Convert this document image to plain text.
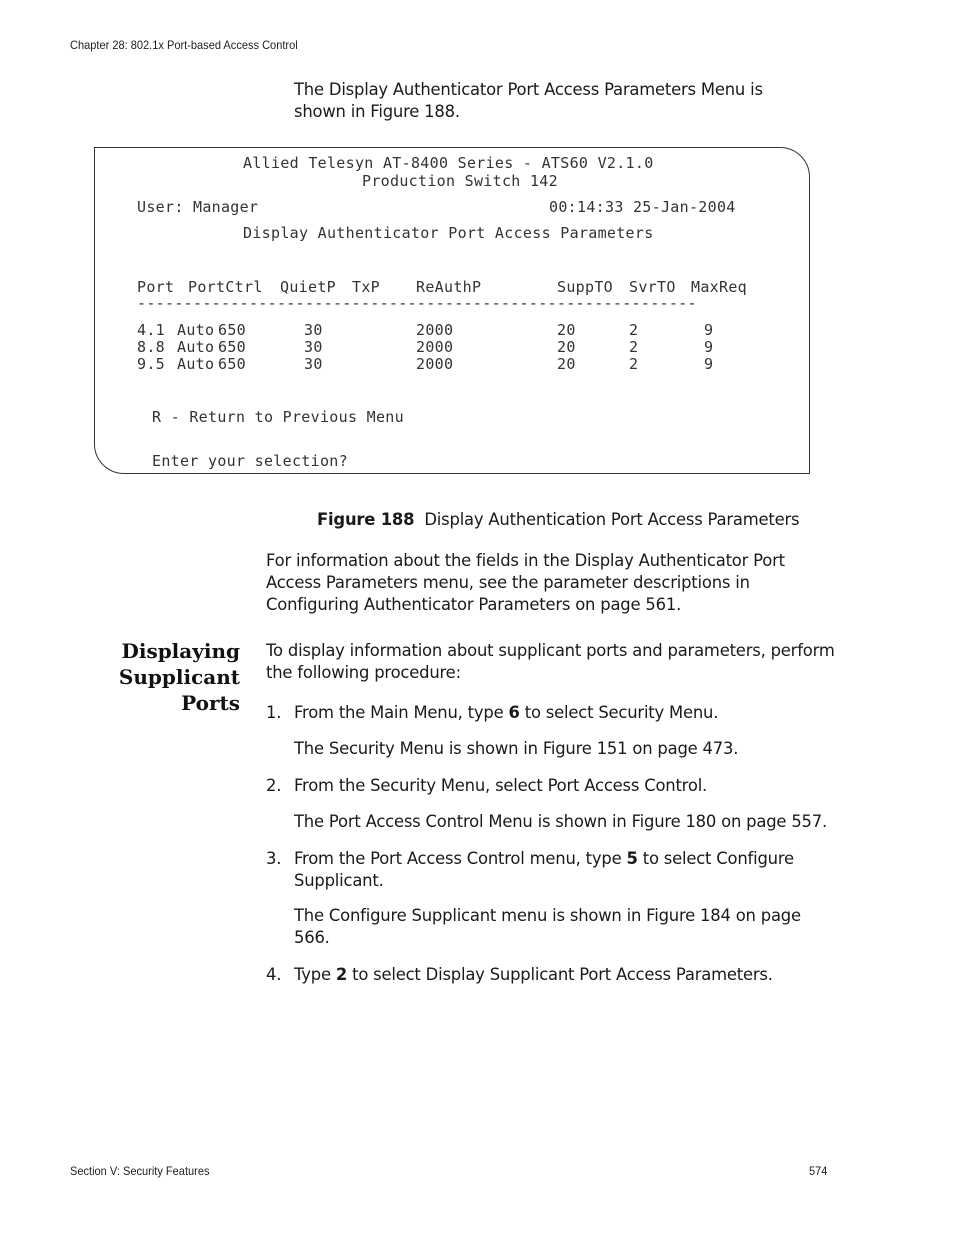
Chapter 28: 802.1x Port-based Access Control
The Display Authenticator Port Access Parameters Menu is shown in Figure 188.
Allied Telesyn AT-8400 Series - ATS60 V2.1.0
Production Switch 142
User: Manager	00:14:33 25-Jan-2004
Display Authenticator Port Access Parameters
Port PortCtrl QuietP TxP ReAuthP	SuppTO SvrTO MaxReq
------------------------------------------------------------
4.1 Auto 650	30	2000	20	2	9
8.8 Auto 650	30	2000	20	2	9
9.5 Auto 650	30	2000	20	2	9
R - Return to Previous Menu
Enter your selection?
Figure 188 Display Authentication Port Access Parameters
For information about the fields in the Display Authenticator Port Access Parameters menu, see the parameter descriptions in Configuring Authenticator Parameters on page 561.
Displaying
Supplicant
Ports
To display information about supplicant ports and parameters, perform the following procedure:
1. From the Main Menu, type 6 to select Security Menu.
The Security Menu is shown in Figure 151 on page 473.
2. From the Security Menu, select Port Access Control.
The Port Access Control Menu is shown in Figure 180 on page 557.
3. From the Port Access Control menu, type 5 to select Configure Supplicant.
The Configure Supplicant menu is shown in Figure 184 on page 566.
4. Type 2 to select Display Supplicant Port Access Parameters.
Section V: Security Features	574
